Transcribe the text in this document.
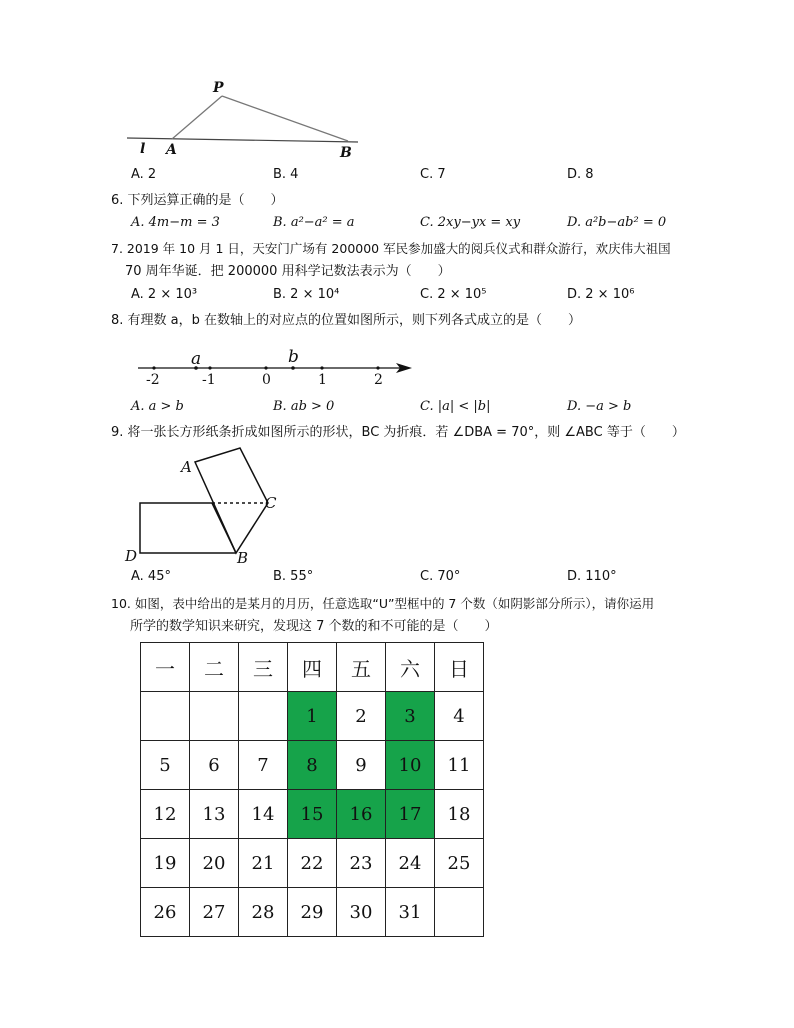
P
l A	B
A. 2	B. 4	C. 7	D. 8
6. 下列运算正确的是（　　）
A. 4m−m = 3	B. a²−a² = a	C. 2xy−yx = xy	D. a²b−ab² = 0
7. 2019 年 10 月 1 日，天安门广场有 200000 军民参加盛大的阅兵仪式和群众游行，欢庆伟大祖国
70 周年华诞．把 200000 用科学记数法表示为（　　）
A. 2 × 10³	B. 2 × 10⁴	C. 2 × 10⁵	D. 2 × 10⁶
8. 有理数 a，b 在数轴上的对应点的位置如图所示，则下列各式成立的是（　　）
a	b
-2	-1	0	1	2
A. a > b	B. ab > 0	C. |a| < |b|	D. −a > b
9. 将一张长方形纸条折成如图所示的形状，BC 为折痕．若 ∠DBA = 70°，则 ∠ABC 等于（　　）
A
C
D	B
A. 45°	B. 55°	C. 70°	D. 110°
10. 如图，表中给出的是某月的月历，任意选取“U”型框中的 7 个数（如阴影部分所示），请你运用
所学的数学知识来研究，发现这 7 个数的和不可能的是（　　）
一	二	三	四	五	六	日
			1	2	3	4
5	6	7	8	9	10	11
12	13	14	15	16	17	18
19	20	21	22	23	24	25
26	27	28	29	30	31	
